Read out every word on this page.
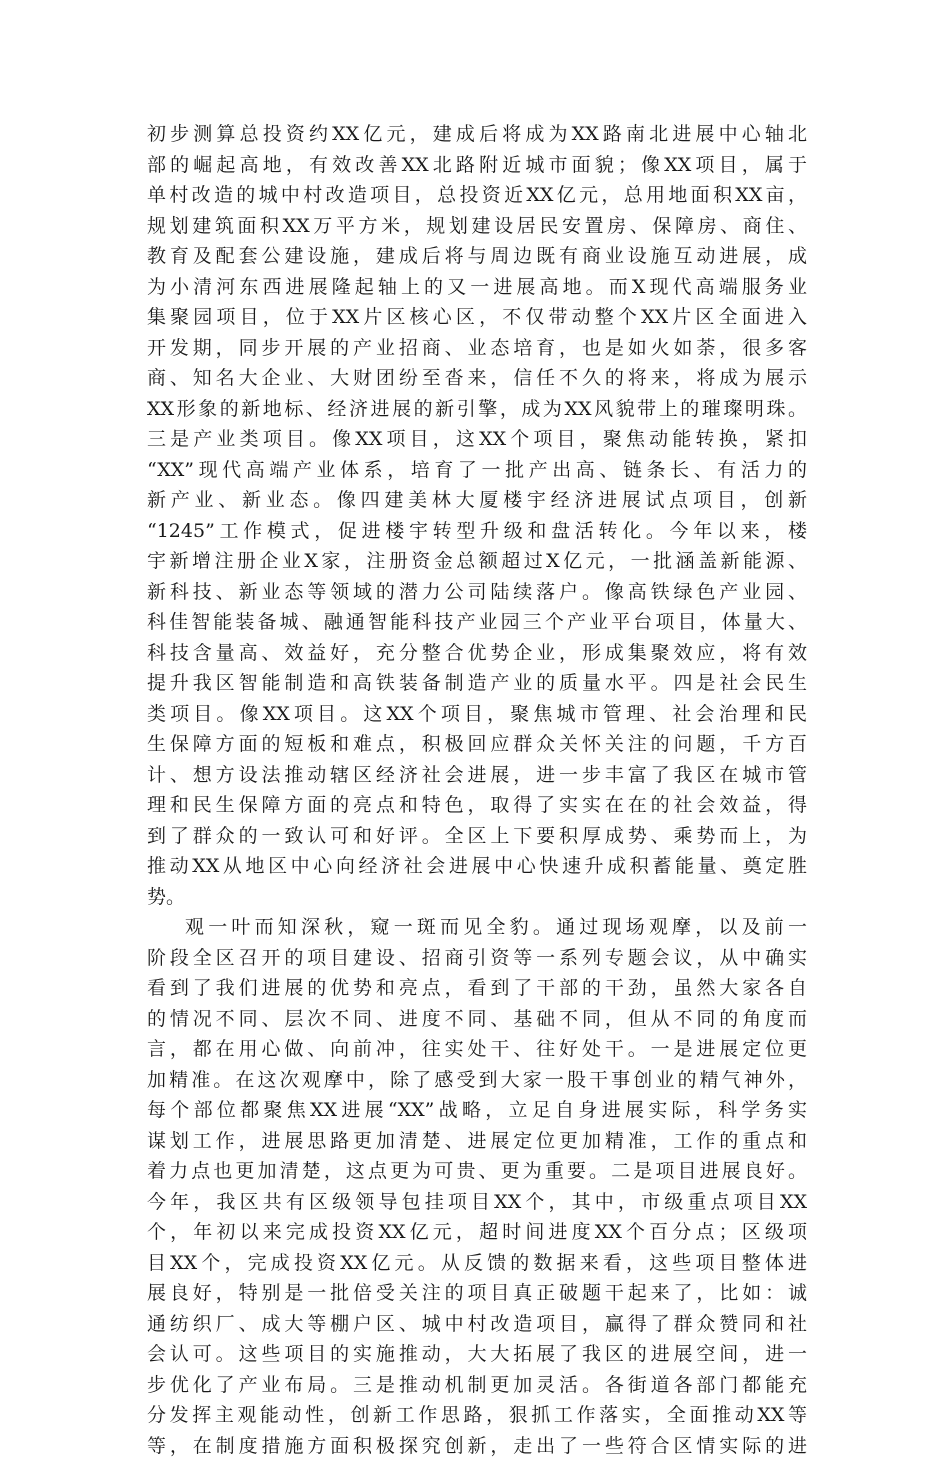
初步测算总投资约XX亿元，建成后将成为XX路南北进展中心轴北
部的崛起高地，有效改善XX北路附近城市面貌；像XX项目，属于
单村改造的城中村改造项目，总投资近XX亿元，总用地面积XX亩，
规划建筑面积XX万平方米，规划建设居民安置房、保障房、商住、
教育及配套公建设施，建成后将与周边既有商业设施互动进展，成
为小清河东西进展隆起轴上的又一进展高地。而X现代高端服务业
集聚园项目，位于XX片区核心区，不仅带动整个XX片区全面进入
开发期，同步开展的产业招商、业态培育，也是如火如荼，很多客
商、知名大企业、大财团纷至沓来，信任不久的将来，将成为展示
XX形象的新地标、经济进展的新引擎，成为XX风貌带上的璀璨明珠。
三是产业类项目。像XX项目，这XX个项目，聚焦动能转换，紧扣
“XX”现代高端产业体系，培育了一批产出高、链条长、有活力的
新产业、新业态。像四建美林大厦楼宇经济进展试点项目，创新
“1245”工作模式，促进楼宇转型升级和盘活转化。今年以来，楼
宇新增注册企业X家，注册资金总额超过X亿元，一批涵盖新能源、
新科技、新业态等领域的潜力公司陆续落户。像高铁绿色产业园、
科佳智能装备城、融通智能科技产业园三个产业平台项目，体量大、
科技含量高、效益好，充分整合优势企业，形成集聚效应，将有效
提升我区智能制造和高铁装备制造产业的质量水平。四是社会民生
类项目。像XX项目。这XX个项目，聚焦城市管理、社会治理和民
生保障方面的短板和难点，积极回应群众关怀关注的问题，千方百
计、想方设法推动辖区经济社会进展，进一步丰富了我区在城市管
理和民生保障方面的亮点和特色，取得了实实在在的社会效益，得
到了群众的一致认可和好评。全区上下要积厚成势、乘势而上，为
推动XX从地区中心向经济社会进展中心快速升成积蓄能量、奠定胜
势。
观一叶而知深秋，窥一斑而见全豹。通过现场观摩，以及前一
阶段全区召开的项目建设、招商引资等一系列专题会议，从中确实
看到了我们进展的优势和亮点，看到了干部的干劲，虽然大家各自
的情况不同、层次不同、进度不同、基础不同，但从不同的角度而
言，都在用心做、向前冲，往实处干、往好处干。一是进展定位更
加精准。在这次观摩中，除了感受到大家一股干事创业的精气神外，
每个部位都聚焦XX进展“XX”战略，立足自身进展实际，科学务实
谋划工作，进展思路更加清楚、进展定位更加精准，工作的重点和
着力点也更加清楚，这点更为可贵、更为重要。二是项目进展良好。
今年，我区共有区级领导包挂项目XX个，其中，市级重点项目XX
个，年初以来完成投资XX亿元，超时间进度XX个百分点；区级项
目XX个，完成投资XX亿元。从反馈的数据来看，这些项目整体进
展良好，特别是一批倍受关注的项目真正破题干起来了，比如：诚
通纺织厂、成大等棚户区、城中村改造项目，赢得了群众赞同和社
会认可。这些项目的实施推动，大大拓展了我区的进展空间，进一
步优化了产业布局。三是推动机制更加灵活。各街道各部门都能充
分发挥主观能动性，创新工作思路，狠抓工作落实，全面推动XX等
等，在制度措施方面积极探究创新，走出了一些符合区情实际的进
